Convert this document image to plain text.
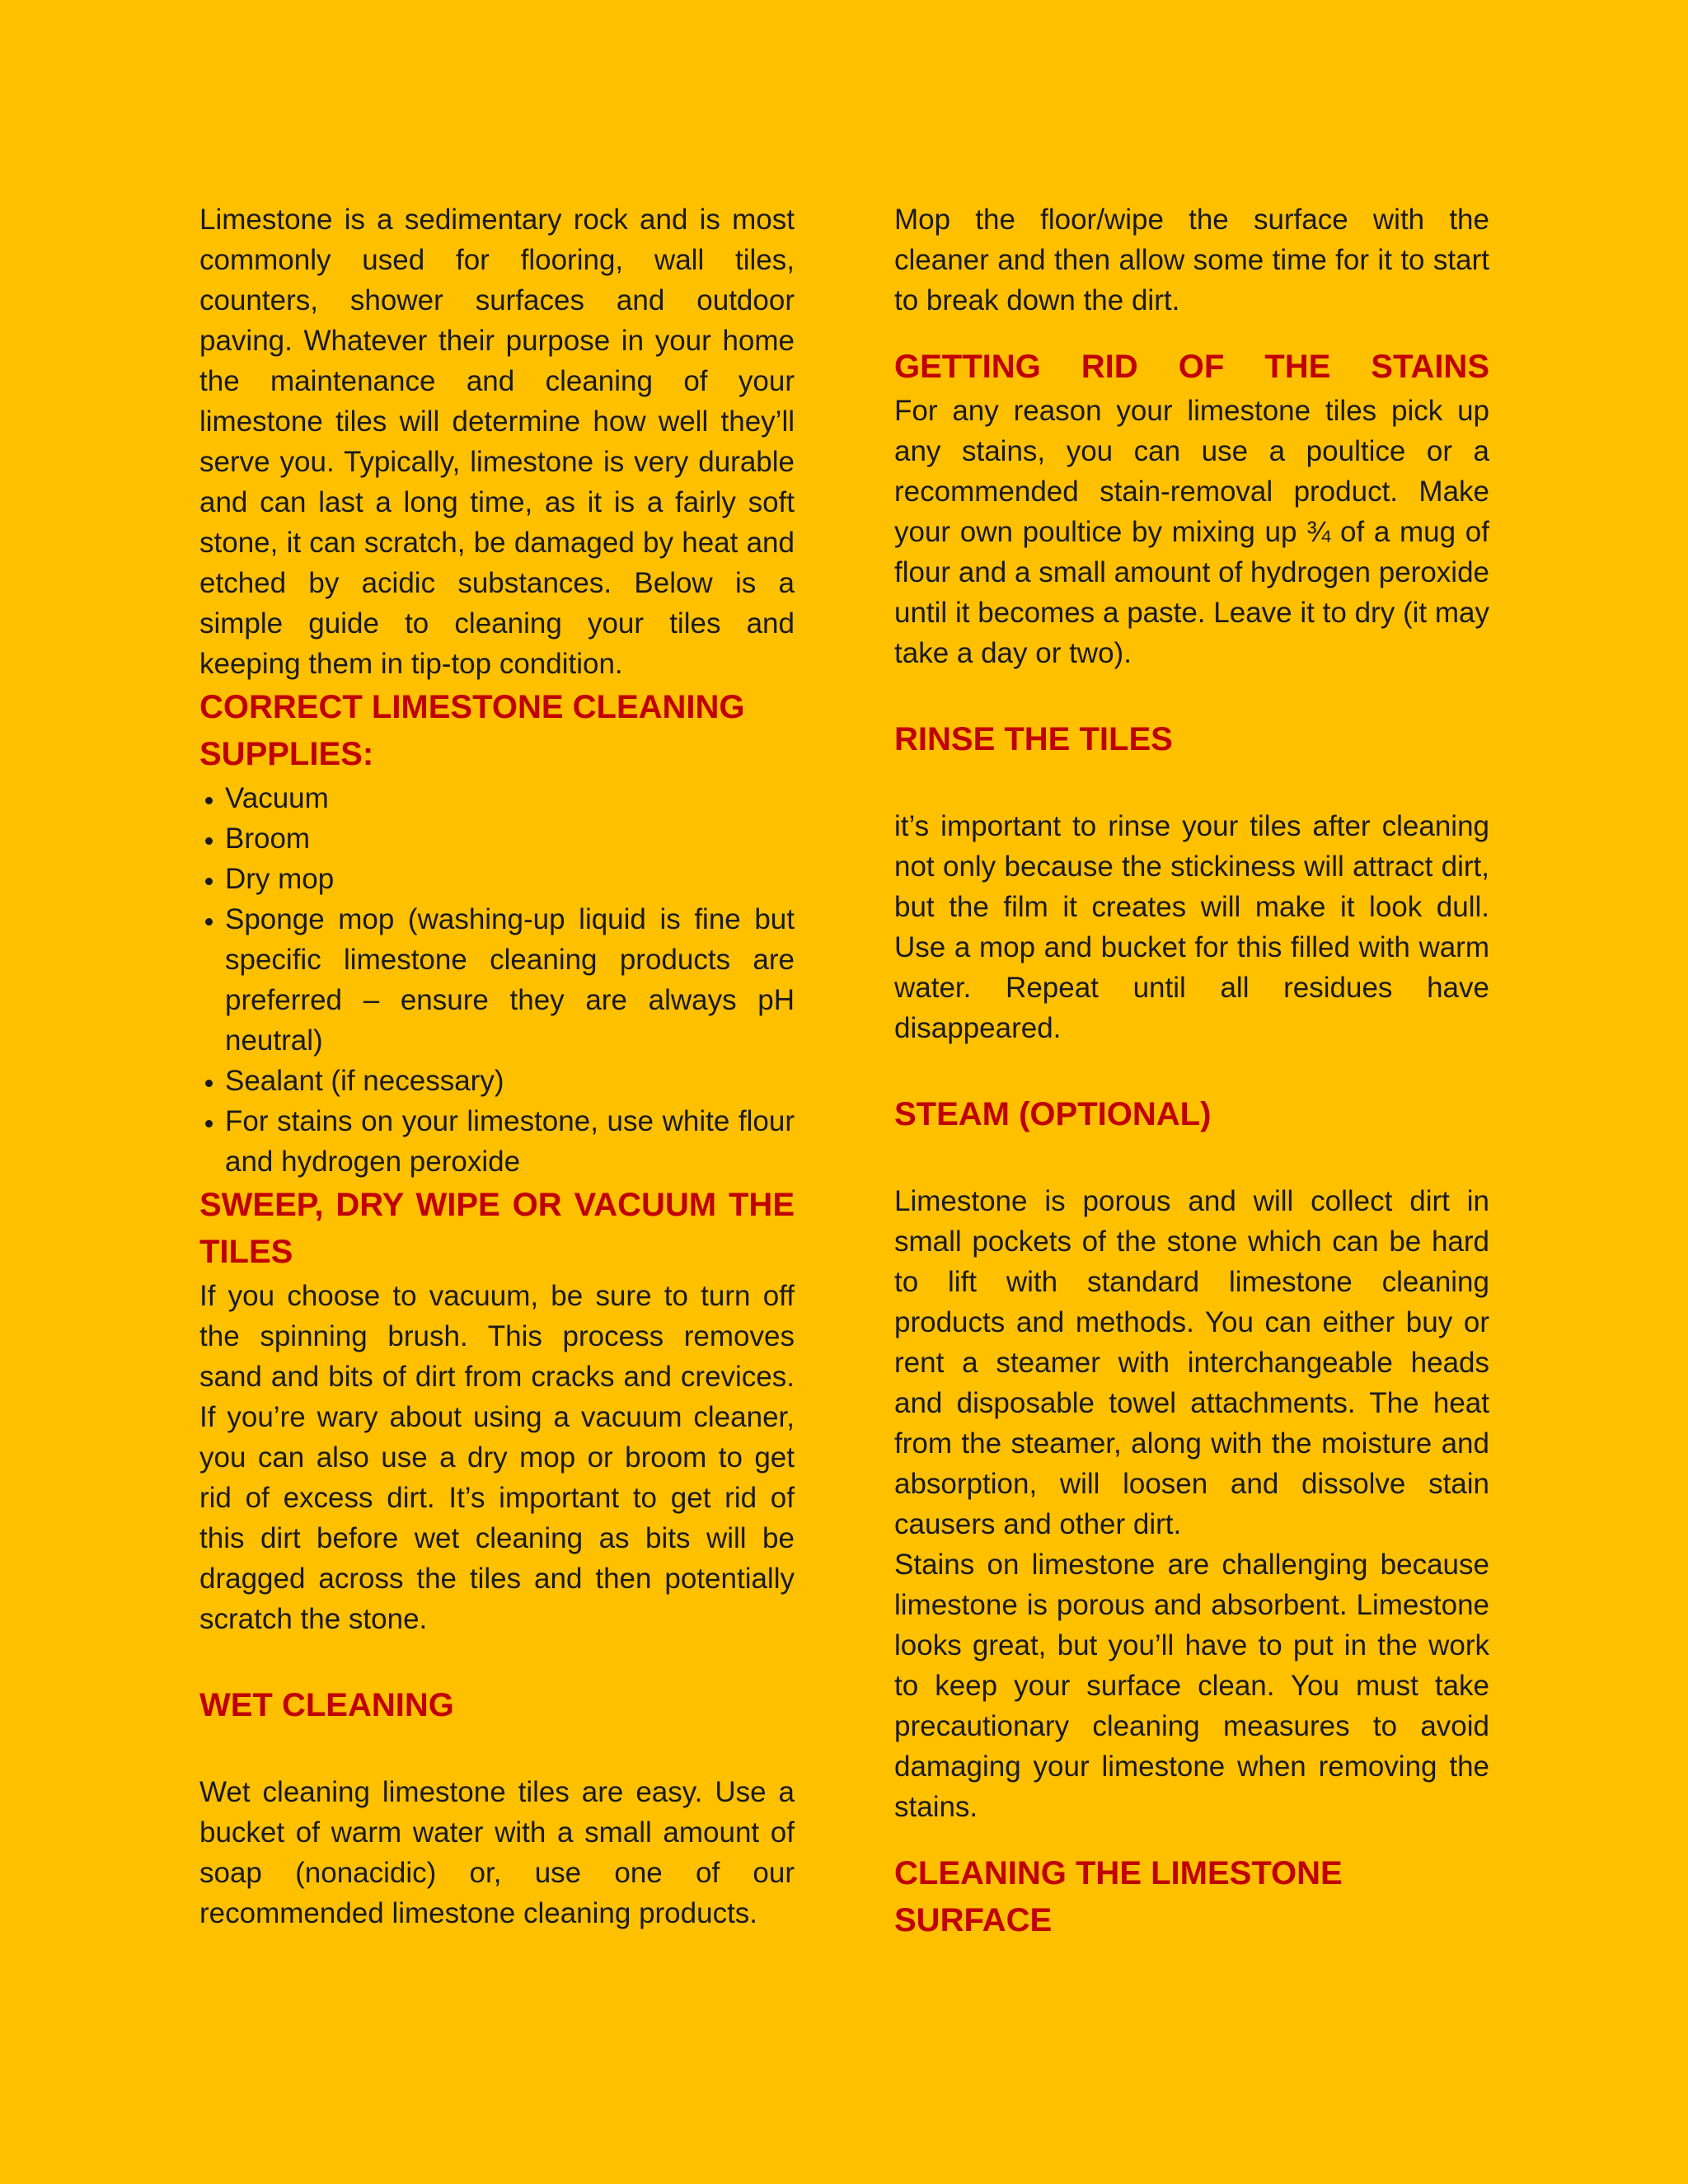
Limestone is a sedimentary rock and is most commonly used for flooring, wall tiles, counters, shower surfaces and outdoor paving. Whatever their purpose in your home the maintenance and cleaning of your limestone tiles will determine how well they’ll serve you. Typically, limestone is very durable and can last a long time, as it is a fairly soft stone, it can scratch, be damaged by heat and etched by acidic substances. Below is a simple guide to cleaning your tiles and keeping them in tip-top condition.

CORRECT LIMESTONE CLEANING SUPPLIES:
• Vacuum
• Broom
• Dry mop
• Sponge mop (washing-up liquid is fine but specific limestone cleaning products are preferred – ensure they are always pH neutral)
• Sealant (if necessary)
• For stains on your limestone, use white flour and hydrogen peroxide
SWEEP, DRY WIPE OR VACUUM THE TILES

If you choose to vacuum, be sure to turn off the spinning brush. This process removes sand and bits of dirt from cracks and crevices. If you’re wary about using a vacuum cleaner, you can also use a dry mop or broom to get rid of excess dirt. It’s important to get rid of this dirt before wet cleaning as bits will be dragged across the tiles and then potentially scratch the stone.

WET CLEANING

Wet cleaning limestone tiles are easy. Use a bucket of warm water with a small amount of soap (nonacidic) or, use one of our recommended limestone cleaning products.

Mop the floor/wipe the surface with the cleaner and then allow some time for it to start to break down the dirt.

GETTING RID OF THE STAINS

For any reason your limestone tiles pick up any stains, you can use a poultice or a recommended stain-removal product. Make your own poultice by mixing up ¾ of a mug of flour and a small amount of hydrogen peroxide until it becomes a paste. Leave it to dry (it may take a day or two).

RINSE THE TILES

it’s important to rinse your tiles after cleaning not only because the stickiness will attract dirt, but the film it creates will make it look dull. Use a mop and bucket for this filled with warm water. Repeat until all residues have disappeared.

STEAM (OPTIONAL)

Limestone is porous and will collect dirt in small pockets of the stone which can be hard to lift with standard limestone cleaning products and methods. You can either buy or rent a steamer with interchangeable heads and disposable towel attachments. The heat from the steamer, along with the moisture and absorption, will loosen and dissolve stain causers and other dirt.

Stains on limestone are challenging because limestone is porous and absorbent. Limestone looks great, but you’ll have to put in the work to keep your surface clean. You must take precautionary cleaning measures to avoid damaging your limestone when removing the stains.

CLEANING THE LIMESTONE SURFACE
